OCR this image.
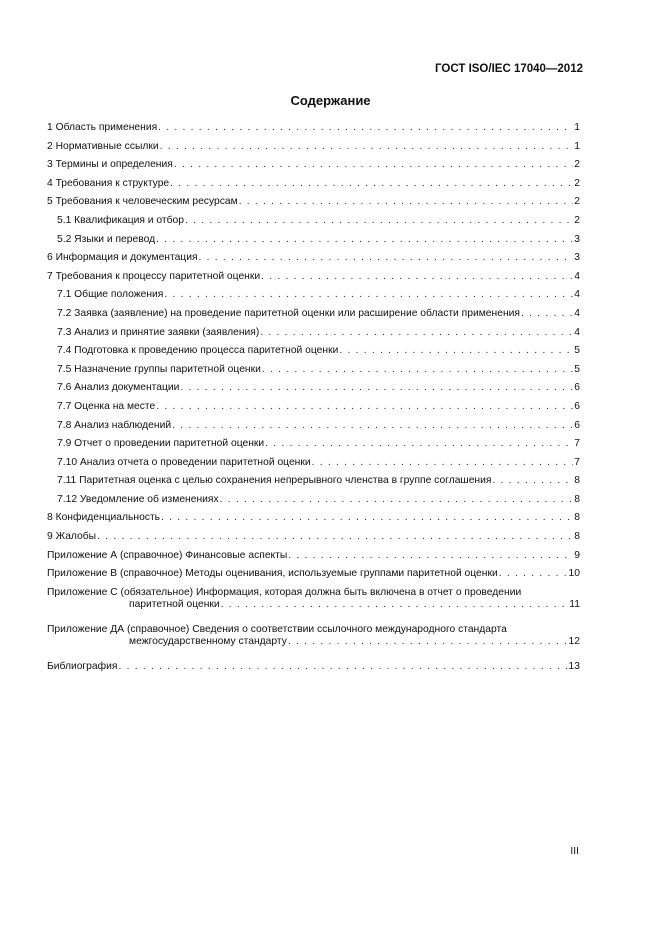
ГОСТ ISO/IEC 17040—2012
Содержание
1 Область применения . . .	1
2 Нормативные ссылки . . .	1
3 Термины и определения . . .	2
4 Требования к структуре . . .	2
5 Требования к человеческим ресурсам . . .	2
5.1 Квалификация и отбор . . .	2
5.2 Языки и перевод . . .	3
6 Информация и документация . . .	3
7 Требования к процессу паритетной оценки . . .	4
7.1 Общие положения . . .	4
7.2 Заявка (заявление) на проведение паритетной оценки или расширение области применения . . .	4
7.3 Анализ и принятие заявки (заявления) . . .	4
7.4 Подготовка к проведению процесса паритетной оценки . . .	5
7.5 Назначение группы паритетной оценки . . .	5
7.6 Анализ документации . . .	6
7.7 Оценка на месте . . .	6
7.8 Анализ наблюдений . . .	6
7.9 Отчет о проведении паритетной оценки . . .	7
7.10 Анализ отчета о проведении паритетной оценки . . .	7
7.11 Паритетная оценка с целью сохранения непрерывного членства в группе соглашения . . .	8
7.12 Уведомление об изменениях . . .	8
8 Конфиденциальность . . .	8
9 Жалобы . . .	8
Приложение А (справочное) Финансовые аспекты . . .	9
Приложение В (справочное) Методы оценивания, используемые группами паритетной оценки . . .	10
Приложение С (обязательное) Информация, которая должна быть включена в отчет о проведении
паритетной оценки . . .	11
Приложение ДА (справочное) Сведения о соответствии ссылочного международного стандарта
межгосударственному стандарту . . .	12
Библиография . . .	13
III
